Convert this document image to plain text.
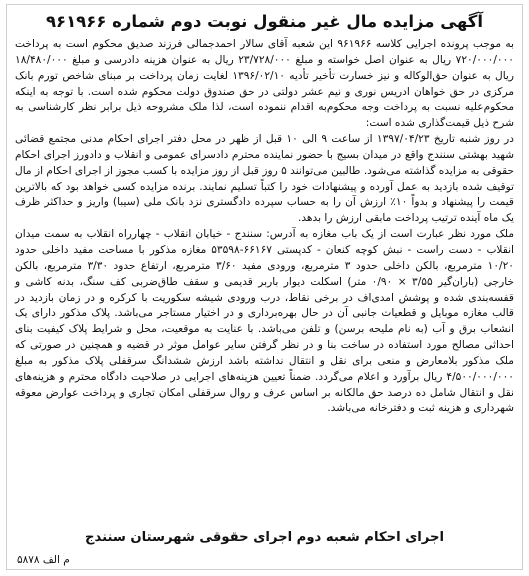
آگهی مزایده مال غیر منقول نوبت دوم شماره ۹۶۱۹۶۶

به موجب پرونده اجرایی کلاسه ۹۶۱۹۶۶ این شعبه آقای سالار احمدجمالی فرزند صدیق محکوم است به پرداخت ۷۲۰/۰۰۰/۰۰۰ ریال به عنوان اصل خواسته و مبلغ ۲۳/۷۲۸/۰۰۰ ریال به عنوان هزینه دادرسی و مبلغ ۱۸/۴۸۰/۰۰۰ ریال به عنوان حق‌الوکاله و نیز خسارت تأخیر تأدیه ۱۳۹۶/۰۲/۱۰ لغایت زمان پرداخت بر مبنای شاخص تورم بانک مرکزی در حق خواهان ادریس نوری و نیم عشر دولتی در حق صندوق دولت محکوم شده است. با توجه به اینکه محکوم‌علیه نسبت به پرداخت وجه محکوم‌به اقدام ننموده است، لذا ملک مشروحه ذیل برابر نظر کارشناسی به شرح ذیل قیمت‌گذاری شده است:

در روز شنبه تاریخ ۱۳۹۷/۰۴/۲۳ از ساعت ۹ الی ۱۰ قبل از ظهر در محل دفتر اجرای احکام مدنی مجتمع قضائی شهید بهشتی سنندج واقع در میدان بسیج با حضور نماینده محترم دادسرای عمومی و انقلاب و دادورز اجرای احکام حقوقی به مزایده گذاشته می‌شود. طالبین می‌توانند ۵ روز قبل از روز مزایده با کسب مجوز از اجرای احکام از مال توقیف شده بازدید به عمل آورده و پیشنهادات خود را کتباً تسلیم نمایند. برنده مزایده کسی خواهد بود که بالاترین قیمت را پیشنهاد و بدواً ۱۰٪ ارزش آن را به حساب سپرده دادگستری نزد بانک ملی (سیبا) واریز و حداکثر ظرف یک ماه آینده ترتیب پرداخت مابقی ارزش را بدهد.

ملک مورد نظر عبارت است از یک باب مغازه به آدرس: سنندج - خیابان انقلاب - چهارراه انقلاب به سمت میدان انقلاب - دست راست - نبش کوچه کنعان - کدپستی ۶۶۱۶۷-۵۳۵۹۸ مغازه مذکور با مساحت مفید داخلی حدود ۱۰/۲۰ مترمربع، بالکن داخلی حدود ۳ مترمربع، ورودی مفید ۳/۶۰ مترمربع، ارتفاع حدود ۳/۳۰ مترمربع، بالکن خارجی (باران‌گیر ۳/۵۵ × ۰/۹۰ متر) اسکلت دیوار باربر قدیمی و سقف طاق‌ضربی کف سنگ، بدنه کاشی و قفسه‌بندی شده و پوشش امدی‌اف در برخی نقاط، درب ورودی شیشه سکوریت با کرکره و در زمان بازدید در قالب مغازه موبایل و قطعیات جانبی آن در حال بهره‌برداری و در اختیار مستاجر می‌باشد. پلاک مذکور دارای یک انشعاب برق و آب (به نام ملیحه برسن) و تلفن می‌باشد. با عنایت به موقعیت، محل و شرایط پلاک کیفیت بنای احداثی مصالح مورد استفاده در ساخت بنا و در نظر گرفتن سایر عوامل موثر در قضیه و همچنین در صورتی که ملک مذکور بلامعارض و منعی برای نقل و انتقال نداشته باشد ارزش ششدانگ سرقفلی پلاک مذکور به مبلغ ۴/۵۰۰/۰۰۰/۰۰۰ ریال برآورد و اعلام می‌گردد. ضمناً تعیین هزینه‌های اجرایی در صلاحیت دادگاه محترم و هزینه‌های نقل و انتقال شامل ده درصد حق مالکانه بر اساس عرف و روال سرقفلی امکان تجاری و پرداخت عوارض معوقه شهرداری و هزینه ثبت و دفترخانه می‌باشد.

اجرای احکام شعبه دوم اجرای حقوقی شهرستان سنندج
م الف ۵۸۷۸
